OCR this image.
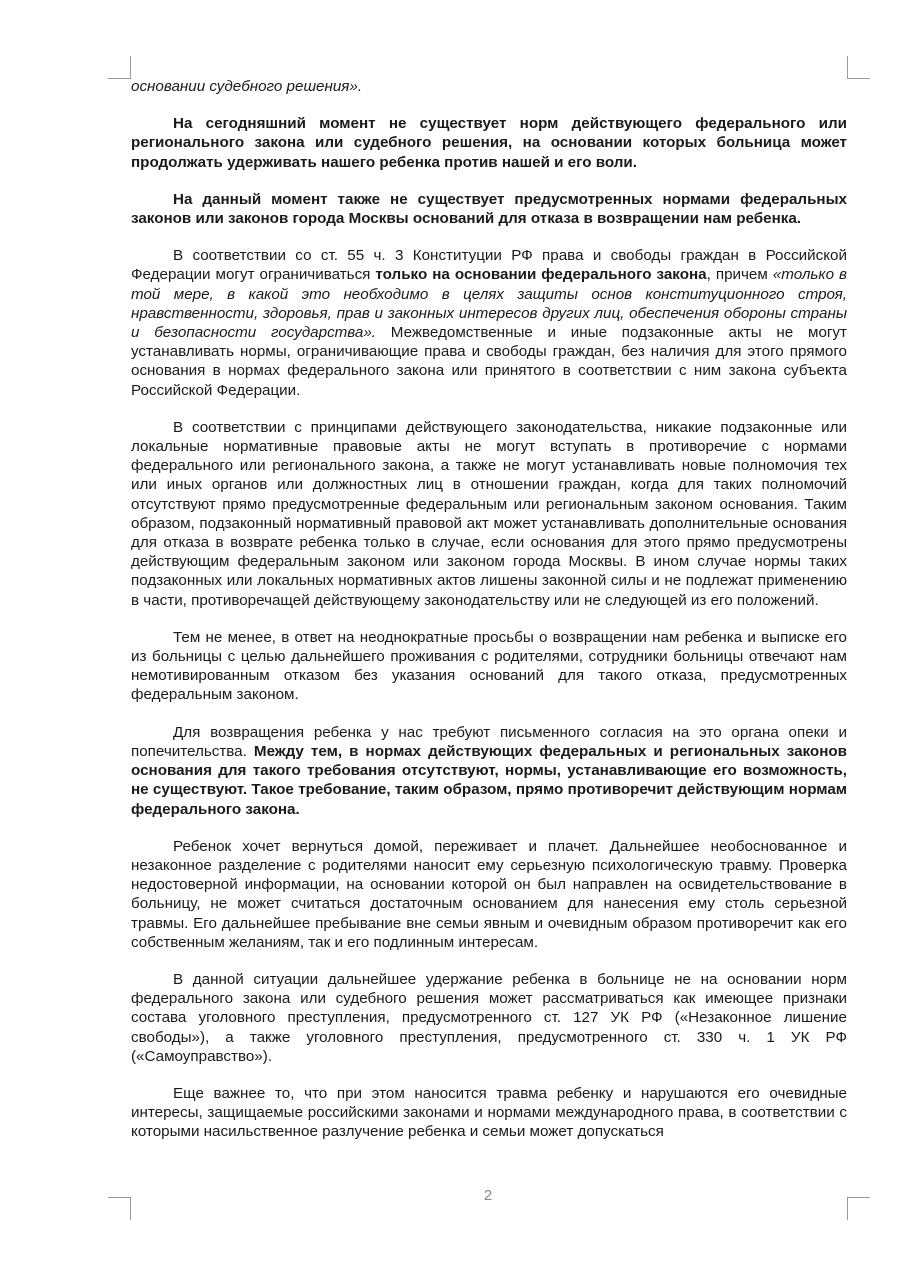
основании судебного решения».

На сегодняшний момент не существует норм действующего федерального или регионального закона или судебного решения, на основании которых больница может продолжать удерживать нашего ребенка против нашей и его воли.

На данный момент также не существует предусмотренных нормами федеральных законов или законов города Москвы оснований для отказа в возвращении нам ребенка.

В соответствии со ст. 55 ч. 3 Конституции РФ права и свободы граждан в Российской Федерации могут ограничиваться только на основании федерального закона, причем «только в той мере, в какой это необходимо в целях защиты основ конституционного строя, нравственности, здоровья, прав и законных интересов других лиц, обеспечения обороны страны и безопасности государства». Межведомственные и иные подзаконные акты не могут устанавливать нормы, ограничивающие права и свободы граждан, без наличия для этого прямого основания в нормах федерального закона или принятого в соответствии с ним закона субъекта Российской Федерации.

В соответствии с принципами действующего законодательства, никакие подзаконные или локальные нормативные правовые акты не могут вступать в противоречие с нормами федерального или регионального закона, а также не могут устанавливать новые полномочия тех или иных органов или должностных лиц в отношении граждан, когда для таких полномочий отсутствуют прямо предусмотренные федеральным или региональным законом основания. Таким образом, подзаконный нормативный правовой акт может устанавливать дополнительные основания для отказа в возврате ребенка только в случае, если основания для этого прямо предусмотрены действующим федеральным законом или законом города Москвы. В ином случае нормы таких подзаконных или локальных нормативных актов лишены законной силы и не подлежат применению в части, противоречащей действующему законодательству или не следующей из его положений.

Тем не менее, в ответ на неоднократные просьбы о возвращении нам ребенка и выписке его из больницы с целью дальнейшего проживания с родителями, сотрудники больницы отвечают нам немотивированным отказом без указания оснований для такого отказа, предусмотренных федеральным законом.

Для возвращения ребенка у нас требуют письменного согласия на это органа опеки и попечительства. Между тем, в нормах действующих федеральных и региональных законов основания для такого требования отсутствуют, нормы, устанавливающие его возможность, не существуют. Такое требование, таким образом, прямо противоречит действующим нормам федерального закона.

Ребенок хочет вернуться домой, переживает и плачет. Дальнейшее необоснованное и незаконное разделение с родителями наносит ему серьезную психологическую травму. Проверка недостоверной информации, на основании которой он был направлен на освидетельствование в больницу, не может считаться достаточным основанием для нанесения ему столь серьезной травмы. Его дальнейшее пребывание вне семьи явным и очевидным образом противоречит как его собственным желаниям, так и его подлинным интересам.

В данной ситуации дальнейшее удержание ребенка в больнице не на основании норм федерального закона или судебного решения может рассматриваться как имеющее признаки состава уголовного преступления, предусмотренного ст. 127 УК РФ («Незаконное лишение свободы»), а также уголовного преступления, предусмотренного ст. 330 ч. 1 УК РФ («Самоуправство»).

Еще важнее то, что при этом наносится травма ребенку и нарушаются его очевидные интересы, защищаемые российскими законами и нормами международного права, в соответствии с которыми насильственное разлучение ребенка и семьи может допускаться

2
